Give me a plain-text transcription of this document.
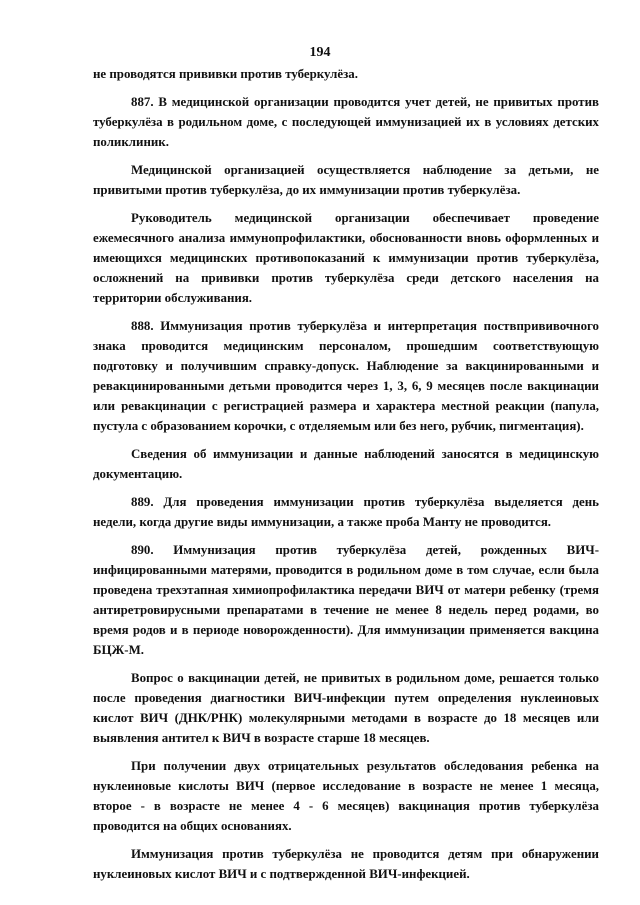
194

не проводятся прививки против туберкулёза.

887. В медицинской организации проводится учет детей, не привитых против туберкулёза в родильном доме, с последующей иммунизацией их в условиях детских поликлиник.

Медицинской организацией осуществляется наблюдение за детьми, не привитыми против туберкулёза, до их иммунизации против туберкулёза.

Руководитель медицинской организации обеспечивает проведение ежемесячного анализа иммунопрофилактики, обоснованности вновь оформленных и имеющихся медицинских противопоказаний к иммунизации против туберкулёза, осложнений на прививки против туберкулёза среди детского населения на территории обслуживания.

888. Иммунизация против туберкулёза и интерпретация поствпрививочного знака проводится медицинским персоналом, прошедшим соответствующую подготовку и получившим справку-допуск. Наблюдение за вакцинированными и ревакцинированными детьми проводится через 1, 3, 6, 9 месяцев после вакцинации или ревакцинации с регистрацией размера и характера местной реакции (папула, пустула с образованием корочки, с отделяемым или без него, рубчик, пигментация).

Сведения об иммунизации и данные наблюдений заносятся в медицинскую документацию.

889. Для проведения иммунизации против туберкулёза выделяется день недели, когда другие виды иммунизации, а также проба Манту не проводится.

890. Иммунизация против туберкулёза детей, рожденных ВИЧ-инфицированными матерями, проводится в родильном доме в том случае, если была проведена трехэтапная химиопрофилактика передачи ВИЧ от матери ребенку (тремя антиретровирусными препаратами в течение не менее 8 недель перед родами, во время родов и в периоде новорожденности). Для иммунизации применяется вакцина БЦЖ-М.

Вопрос о вакцинации детей, не привитых в родильном доме, решается только после проведения диагностики ВИЧ-инфекции путем определения нуклеиновых кислот ВИЧ (ДНК/РНК) молекулярными методами в возрасте до 18 месяцев или выявления антител к ВИЧ в возрасте старше 18 месяцев.

При получении двух отрицательных результатов обследования ребенка на нуклеиновые кислоты ВИЧ (первое исследование в возрасте не менее 1 месяца, второе - в возрасте не менее 4 - 6 месяцев) вакцинация против туберкулёза проводится на общих основаниях.

Иммунизация против туберкулёза не проводится детям при обнаружении нуклеиновых кислот ВИЧ и с подтвержденной ВИЧ-инфекцией.
